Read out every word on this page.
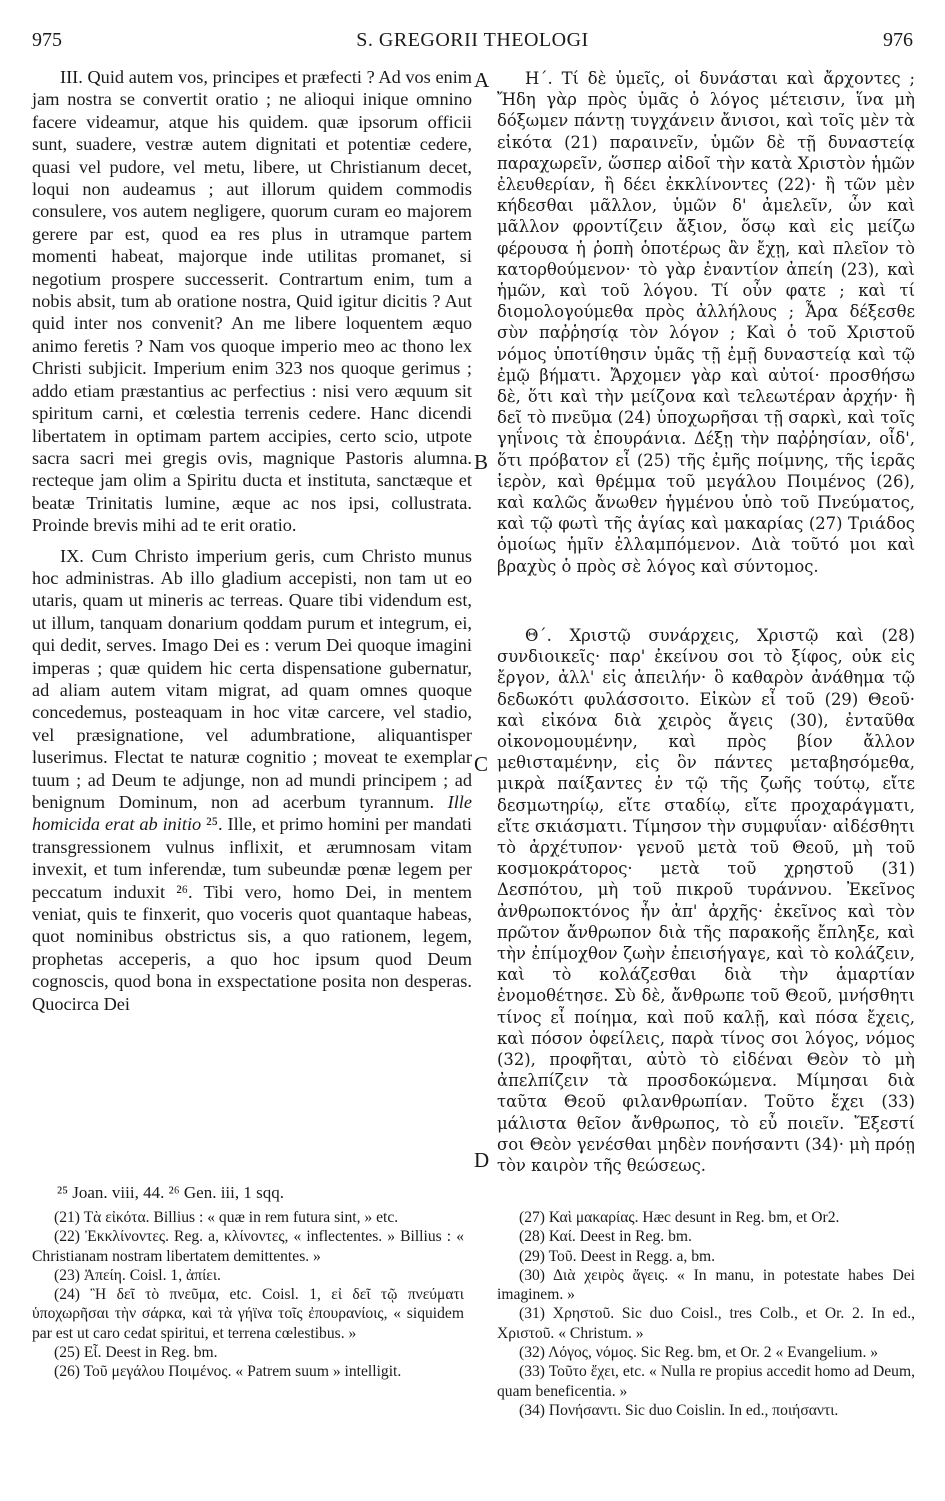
975	S. GREGORII THEOLOGI	976

III. Quid autem vos, principes et præfecti ? Ad vos enim jam nostra se convertit oratio ; ne alioqui inique omnino facere videamur, atque his quidem. quæ ipsorum officii sunt, suadere, vestræ autem dignitati et potentiæ cedere, quasi vel pudore, vel metu, libere, ut Christianum decet, loqui non audeamus ; aut illorum quidem commodis consulere, vos autem negligere, quorum curam eo majorem gerere par est, quod ea res plus in utramque partem momenti habeat, majorque inde utilitas promanet, si negotium prospere successerit. Contrartum enim, tum a nobis absit, tum ab oratione nostra, Quid igitur dicitis ? Aut quid inter nos convenit? An me libere loquentem æquo animo feretis ? Nam vos quoque imperio meo ac thono lex Christi subjicit. Imperium enim 323 nos quoque gerimus ; addo etiam præstantius ac perfectius : nisi vero æquum sit spiritum carni, et cœlestia terrenis cedere. Hanc dicendi libertatem in optimam partem accipies, certo scio, utpote sacra sacri mei gregis ovis, magnique Pastoris alumna. recteque jam olim a Spiritu ducta et instituta, sanctæque et beatæ Trinitatis lumine, æque ac nos ipsi, collustrata. Proinde brevis mihi ad te erit oratio.

IX. Cum Christo imperium geris, cum Christo munus hoc administras. Ab illo gladium accepisti, non tam ut eo utaris, quam ut mineris ac terreas. Quare tibi videndum est, ut illum, tanquam donarium qoddam purum et integrum, ei, qui dedit, serves. Imago Dei es : verum Dei quoque imagini imperas ; quæ quidem hic certa dispensatione gubernatur, ad aliam autem vitam migrat, ad quam omnes quoque concedemus, posteaquam in hoc vitæ carcere, vel stadio, vel præsignatione, vel adumbratione, aliquantisper luserimus. Flectat te naturæ cognitio ; moveat te exemplar tuum ; ad Deum te adjunge, non ad mundi principem ; ad benignum Dominum, non ad acerbum tyrannum. Ille homicida erat ab initio ²⁵. Ille, et primo homini per mandati transgressionem vulnus inflixit, et ærumnosam vitam invexit, et tum inferendæ, tum subeundæ pœnæ legem per peccatum induxit ²⁶. Tibi vero, homo Dei, in mentem veniat, quis te finxerit, quo voceris quot quantaque habeas, quot nominibus obstrictus sis, a quo rationem, legem, prophetas acceperis, a quo hoc ipsum quod Deum cognoscis, quod bona in exspectatione posita non desperas. Quocirca Dei

A
B
C
D

Η΄. Τί δὲ ὑμεῖς, οἱ δυνάσται καὶ ἄρχοντες ; Ἤδη γὰρ πρὸς ὑμᾶς ὁ λόγος μέτεισιν, ἵνα μὴ δόξωμεν πάντῃ τυγχάνειν ἄνισοι, καὶ τοῖς μὲν τὰ εἰκότα (21) παραινεῖν, ὑμῶν δὲ τῇ δυναστείᾳ παραχωρεῖν, ὥσπερ αἰδοῖ τὴν κατὰ Χριστὸν ἡμῶν ἐλευθερίαν, ἢ δέει ἐκκλίνοντες (22)· ἢ τῶν μὲν κήδεσθαι μᾶλλον, ὑμῶν δ' ἀμελεῖν, ὧν καὶ μᾶλλον φροντίζειν ἄξιον, ὅσῳ καὶ εἰς μείζω φέρουσα ἡ ῥοπὴ ὁποτέρως ἂν ἔχῃ, καὶ πλεῖον τὸ κατορθούμενον· τὸ γὰρ ἐναντίον ἀπείη (23), καὶ ἡμῶν, καὶ τοῦ λόγου. Τί οὖν φατε ; καὶ τί διομολογούμεθα πρὸς ἀλλήλους ; Ἆρα δέξεσθε σὺν παῤῥησίᾳ τὸν λόγον ; Καὶ ὁ τοῦ Χριστοῦ νόμος ὑποτίθησιν ὑμᾶς τῇ ἐμῇ δυναστείᾳ καὶ τῷ ἐμῷ βήματι. Ἄρχομεν γὰρ καὶ αὐτοί· προσθήσω δὲ, ὅτι καὶ τὴν μείζονα καὶ τελεωτέραν ἀρχήν· ἢ δεῖ τὸ πνεῦμα (24) ὑποχωρῆσαι τῇ σαρκὶ, καὶ τοῖς γηΐνοις τὰ ἐπουράνια. Δέξῃ τὴν παῤῥησίαν, οἶδ', ὅτι πρόβατον εἶ (25) τῆς ἐμῆς ποίμνης, τῆς ἱερᾶς ἱερὸν, καὶ θρέμμα τοῦ μεγάλου Ποιμένος (26), καὶ καλῶς ἄνωθεν ἡγμένου ὑπὸ τοῦ Πνεύματος, καὶ τῷ φωτὶ τῆς ἁγίας καὶ μακαρίας (27) Τριάδος ὁμοίως ἡμῖν ἐλλαμπόμενον. Διὰ τοῦτό μοι καὶ βραχὺς ὁ πρὸς σὲ λόγος καὶ σύντομος.

Θ΄. Χριστῷ συνάρχεις, Χριστῷ καὶ (28) συνδιοικεῖς· παρ' ἐκείνου σοι τὸ ξίφος, οὐκ εἰς ἔργον, ἀλλ' εἰς ἀπειλήν· ὃ καθαρὸν ἀνάθημα τῷ δεδωκότι φυλάσσοιτο. Εἰκὼν εἶ τοῦ (29) Θεοῦ· καὶ εἰκόνα διὰ χειρὸς ἄγεις (30), ἐνταῦθα οἰκονομουμένην, καὶ πρὸς βίον ἄλλον μεθισταμένην, εἰς ὃν πάντες μεταβησόμεθα, μικρὰ παίξαντες ἐν τῷ τῆς ζωῆς τούτῳ, εἴτε δεσμωτηρίῳ, εἴτε σταδίῳ, εἴτε προχαράγματι, εἴτε σκιάσματι. Τίμησον τὴν συμφυΐαν· αἰδέσθητι τὸ ἀρχέτυπον· γενοῦ μετὰ τοῦ Θεοῦ, μὴ τοῦ κοσμοκράτορος· μετὰ τοῦ χρηστοῦ (31) Δεσπότου, μὴ τοῦ πικροῦ τυράννου. Ἐκεῖνος ἀνθρωποκτόνος ἦν ἀπ' ἀρχῆς· ἐκεῖνος καὶ τὸν πρῶτον ἄνθρωπον διὰ τῆς παρακοῆς ἔπληξε, καὶ τὴν ἐπίμοχθον ζωὴν ἐπεισήγαγε, καὶ τὸ κολάζειν, καὶ τὸ κολάζεσθαι διὰ τὴν ἁμαρτίαν ἐνομοθέτησε. Σὺ δὲ, ἄνθρωπε τοῦ Θεοῦ, μνήσθητι τίνος εἶ ποίημα, καὶ ποῦ καλῇ, καὶ πόσα ἔχεις, καὶ πόσον ὀφείλεις, παρὰ τίνος σοι λόγος, νόμος (32), προφῆται, αὐτὸ τὸ εἰδέναι Θεὸν τὸ μὴ ἀπελπίζειν τὰ προσδοκώμενα. Μίμησαι διὰ ταῦτα Θεοῦ φιλανθρωπίαν. Τοῦτο ἔχει (33) μάλιστα θεῖον ἄνθρωπος, τὸ εὖ ποιεῖν. Ἔξεστί σοι Θεὸν γενέσθαι μηδὲν πονήσαντι (34)· μὴ πρόῃ τὸν καιρὸν τῆς θεώσεως.

²⁵ Joan. viii, 44. ²⁶ Gen. iii, 1 sqq.
(21) Τὰ εἰκότα. Billius : « quæ in rem futura sint, » etc.
(22) Ἐκκλίνοντες. Reg. a, κλίνοντες, « inflectentes. » Billius : « Christianam nostram libertatem demittentes. »
(23) Ἀπείη. Coisl. 1, ἀπίει.
(24) Ἢ δεῖ τὸ πνεῦμα, etc. Coisl. 1, εἰ δεῖ τῷ πνεύματι ὑποχωρῆσαι τὴν σάρκα, καὶ τὰ γήϊνα τοῖς ἐπουρανίοις, « siquidem par est ut caro cedat spiritui, et terrena cœlestibus. »
(25) Εἶ. Deest in Reg. bm.
(26) Τοῦ μεγάλου Ποιμένος. « Patrem suum » intelligit.
(27) Καὶ μακαρίας. Hæc desunt in Reg. bm, et Or2.
(28) Καί. Deest in Reg. bm.
(29) Τοῦ. Deest in Regg. a, bm.
(30) Διὰ χειρὸς ἄγεις. « In manu, in potestate habes Dei imaginem. »
(31) Χρηστοῦ. Sic duo Coisl., tres Colb., et Or. 2. In ed., Χριστοῦ. « Christum. »
(32) Λόγος, νόμος. Sic Reg. bm, et Or. 2 « Evangelium. »
(33) Τοῦτο ἔχει, etc. « Nulla re propius accedit homo ad Deum, quam beneficentia. »
(34) Πονήσαντι. Sic duo Coislin. In ed., ποιήσαντι.
